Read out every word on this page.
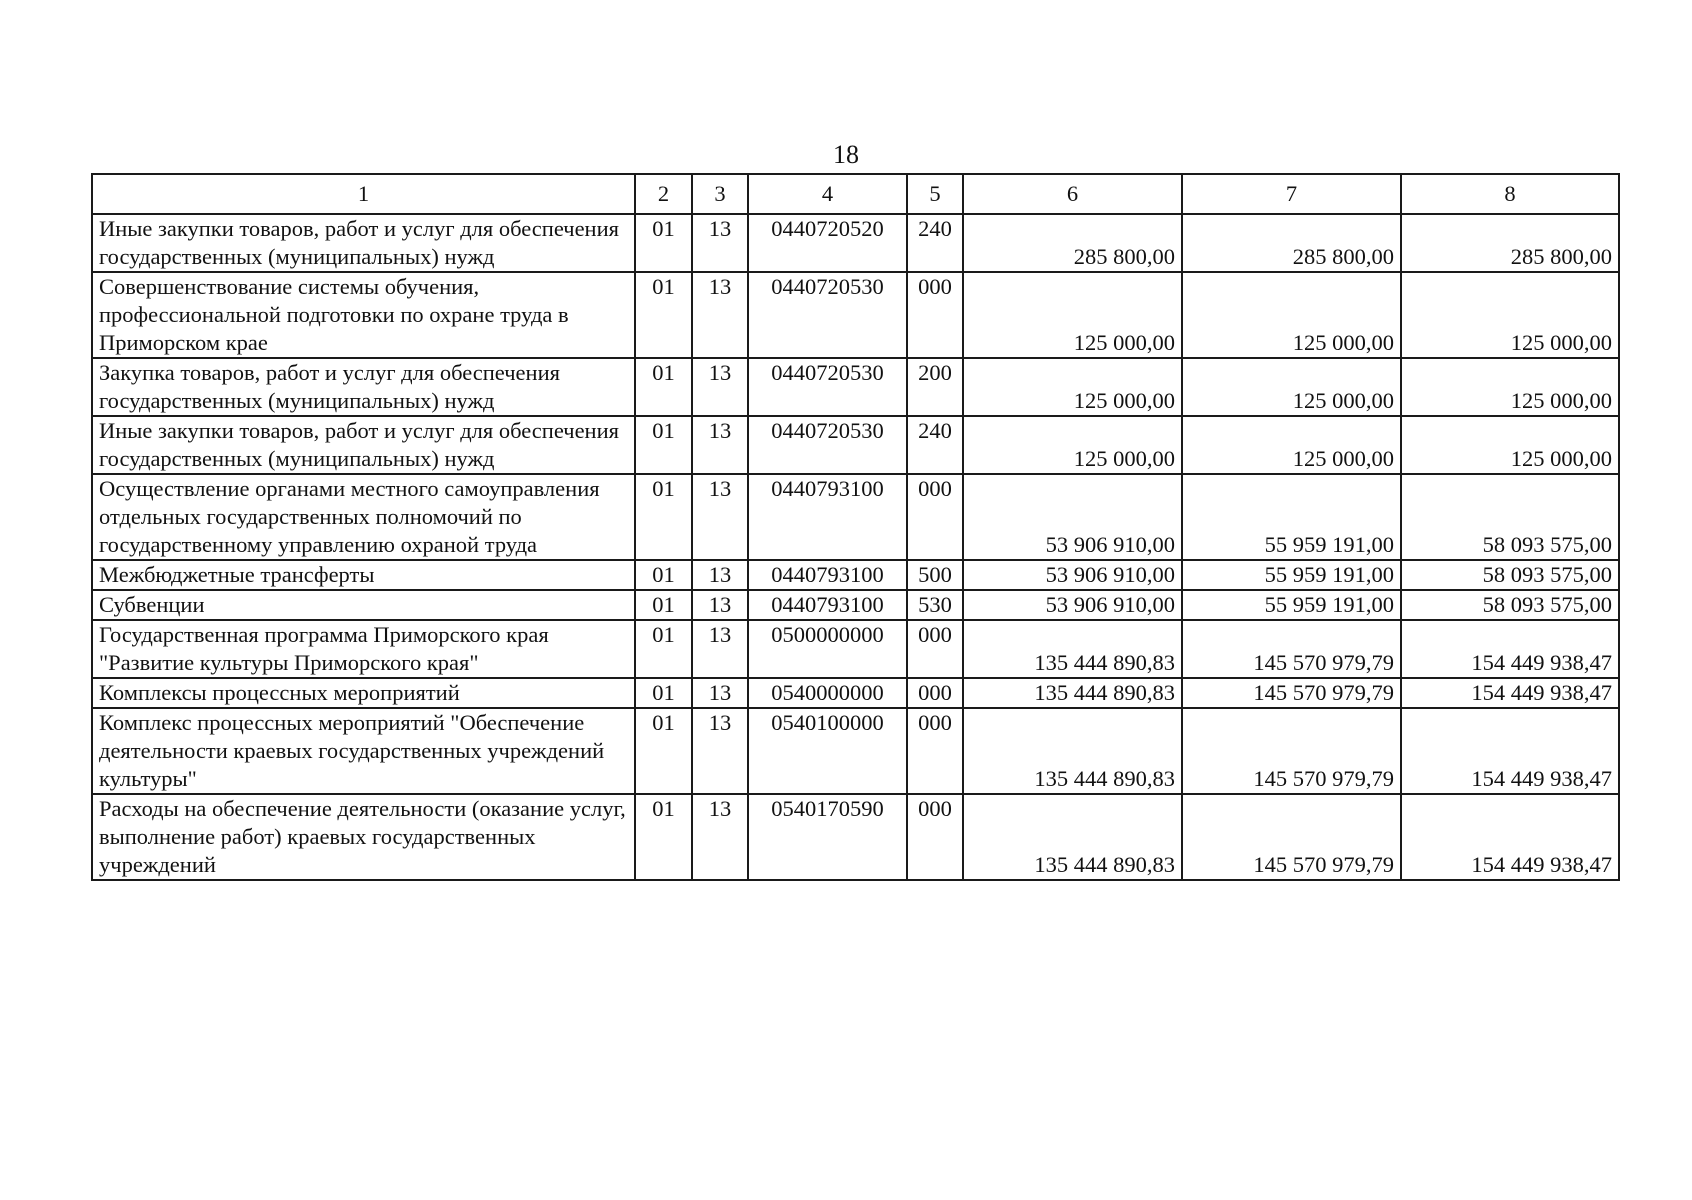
18
1	2	3	4	5	6	7	8
Иные закупки товаров, работ и услуг для обеспечения государственных (муниципальных) нужд	01	13	0440720520	240	285 800,00	285 800,00	285 800,00
Совершенствование системы обучения, профессиональной подготовки по охране труда в Приморском крае	01	13	0440720530	000	125 000,00	125 000,00	125 000,00
Закупка товаров, работ и услуг для обеспечения государственных (муниципальных) нужд	01	13	0440720530	200	125 000,00	125 000,00	125 000,00
Иные закупки товаров, работ и услуг для обеспечения государственных (муниципальных) нужд	01	13	0440720530	240	125 000,00	125 000,00	125 000,00
Осуществление органами местного самоуправления отдельных государственных полномочий по государственному управлению охраной труда	01	13	0440793100	000	53 906 910,00	55 959 191,00	58 093 575,00
Межбюджетные трансферты	01	13	0440793100	500	53 906 910,00	55 959 191,00	58 093 575,00
Субвенции	01	13	0440793100	530	53 906 910,00	55 959 191,00	58 093 575,00
Государственная программа Приморского края "Развитие культуры Приморского края"	01	13	0500000000	000	135 444 890,83	145 570 979,79	154 449 938,47
Комплексы процессных мероприятий	01	13	0540000000	000	135 444 890,83	145 570 979,79	154 449 938,47
Комплекс процессных мероприятий "Обеспечение деятельности краевых государственных учреждений культуры"	01	13	0540100000	000	135 444 890,83	145 570 979,79	154 449 938,47
Расходы на обеспечение деятельности (оказание услуг, выполнение работ) краевых государственных учреждений	01	13	0540170590	000	135 444 890,83	145 570 979,79	154 449 938,47
